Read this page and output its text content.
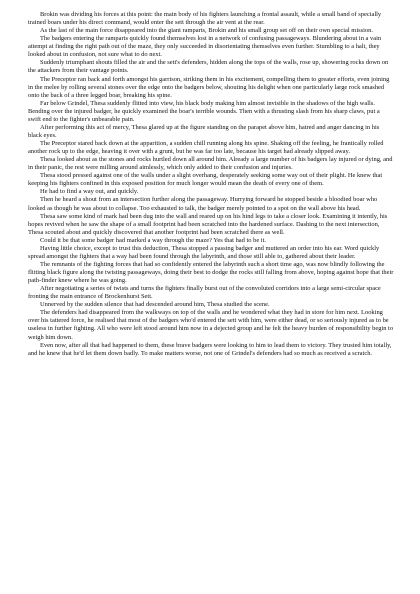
Brokin was dividing his forces at this point: the main body of his fighters launching a frontal assault, while a small band of specially trained boars under his direct command, would enter the sett through the air vent at the rear.

As the last of the main force disappeared into the giant ramparts, Brokin and his small group set off on their own special mission.

The badgers entering the ramparts quickly found themselves lost in a network of confusing passageways. Blundering about in a vain attempt at finding the right path out of the maze, they only succeeded in disorientating themselves even further. Stumbling to a halt, they looked about in confusion, not sure what to do next.

Suddenly triumphant shouts filled the air and the sett's defenders, hidden along the tops of the walls, rose up, showering rocks down on the attackers from their vantage points.

The Preceptor ran back and forth amongst his garrison, striking them in his excitement, compelling them to greater efforts, even joining in the melee by rolling several stones over the edge onto the badgers below, shouting his delight when one particularly large rock smashed onto the back of a three legged boar, breaking his spine.

Far below Grindel, Thesa suddenly flitted into view, his black body making him almost invisible in the shadows of the high walls. Bending over the injured badger, he quickly examined the boar's terrible wounds. Then with a thrusting slash from his sharp claws, put a swift end to the fighter's unbearable pain.

After performing this act of mercy, Thesa glared up at the figure standing on the parapet above him, hatred and anger dancing in his black eyes.

The Preceptor stared back down at the apparition, a sudden chill running along his spine. Shaking off the feeling, he frantically rolled another rock up to the edge, heaving it over with a grunt, but he was far too late, because his target had already slipped away.

Thesa looked about as the stones and rocks hurtled down all around him. Already a large number of his badgers lay injured or dying, and in their panic, the rest were milling around aimlessly, which only added to their confusion and injuries.

Thesa stood pressed against one of the walls under a slight overhang, desperately seeking some way out of their plight. He knew that keeping his fighters confined in this exposed position for much longer would mean the death of every one of them.

He had to find a way out, and quickly.

Then he heard a shout from an intersection further along the passageway. Hurrying forward he stopped beside a bloodied boar who looked as though he was about to collapse. Too exhausted to talk, the badger merely pointed to a spot on the wall above his head.

Thesa saw some kind of mark had been dug into the wall and reared up on his hind legs to take a closer look. Examining it intently, his hopes revived when he saw the shape of a small footprint had been scratched into the hardened surface. Dashing to the next intersection, Thesa scouted about and quickly discovered that another footprint had been scratched there as well.

Could it be that some badger had marked a way through the maze? Yes that had to be it.

Having little choice, except to trust this deduction, Thesa stopped a passing badger and muttered an order into his ear. Word quickly spread amongst the fighters that a way had been found through the labyrinth, and those still able to, gathered about their leader.

The remnants of the fighting forces that had so confidently entered the labyrinth such a short time ago, was now blindly following the flitting black figure along the twisting passageways, doing their best to dodge the rocks still falling from above, hoping against hope that their path-finder knew where he was going.

After negotiating a series of twists and turns the fighters finally burst out of the convoluted corridors into a large semi-circular space fronting the main entrance of Brockenhurst Sett.

Unnerved by the sudden silence that had descended around him, Thesa studied the scene.

The defenders had disappeared from the walkways on top of the walls and he wondered what they had in store for him next. Looking over his tattered force, he realised that most of the badgers who'd entered the sett with him, were either dead, or so seriously injured as to be useless in further fighting. All who were left stood around him now in a dejected group and he felt the heavy burden of responsibility begin to weigh him down.

Even now, after all that had happened to them, these brave badgers were looking to him to lead them to victory. They trusted him totally, and he knew that he'd let them down badly. To make matters worse, not one of Grindel's defenders had so much as received a scratch.
